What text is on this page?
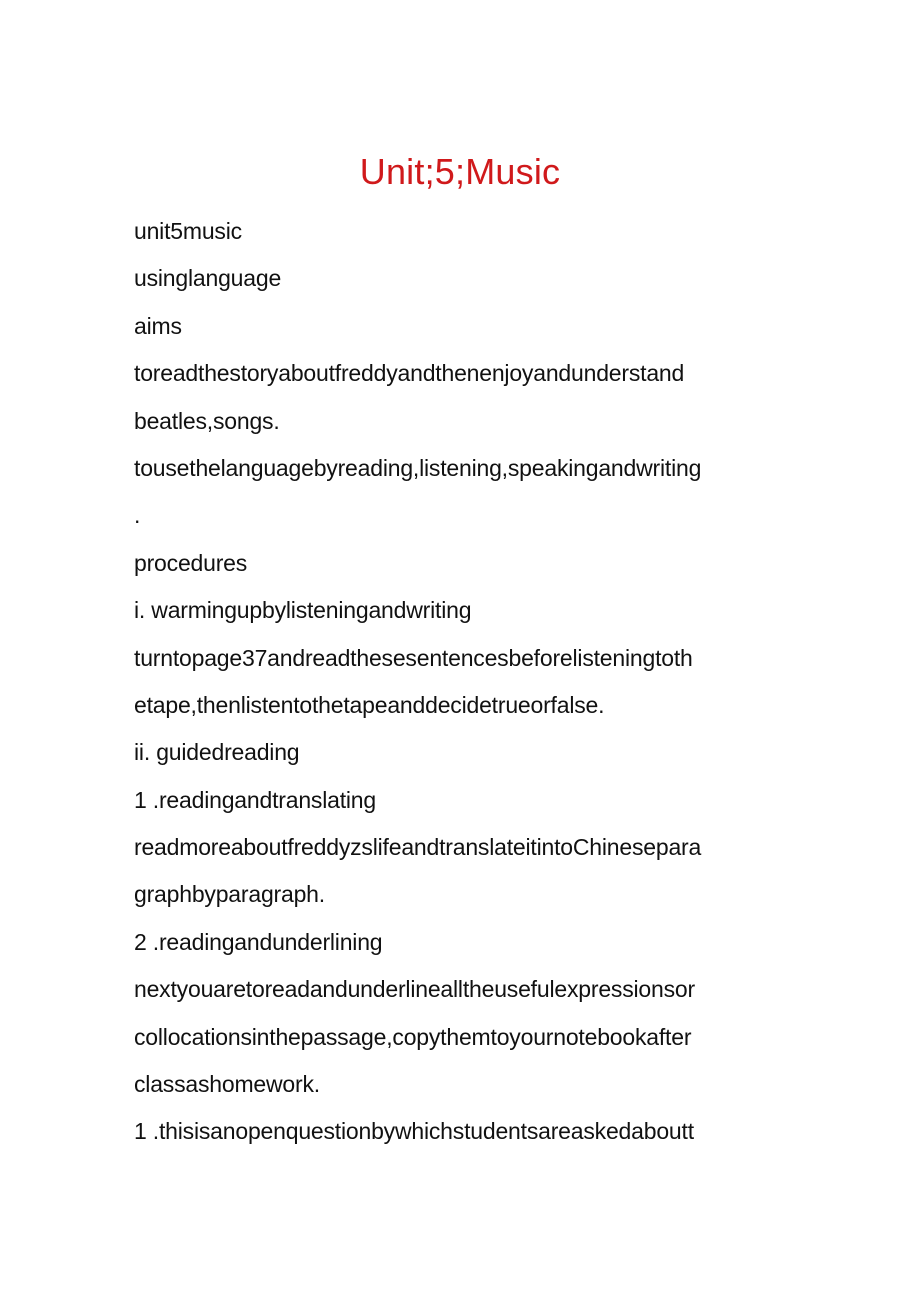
Unit;5;Music
unit5music
usinglanguage
aims
toreadthestoryaboutfreddyandthenenjoyandunderstand
beatles,songs.
tousethelanguagebyreading,listening,speakingandwriting
.
procedures
i. warmingupbylisteningandwriting
turntopage37andreadthesesentencesbeforelisteningtoth
etape,thenlistentothetapeanddecidetrueorfalse.
ii. guidedreading
1 .readingandtranslating
readmoreaboutfreddyzslifeandtranslateitintoChinesepara
graphbyparagraph.
2 .readingandunderlining
nextyouaretoreadandunderlinealltheusefulexpressionsor
collocationsinthepassage,copythemtoyournotebookafter
classashomework.
1 .thisisanopenquestionbywhichstudentsareaskedaboutt
